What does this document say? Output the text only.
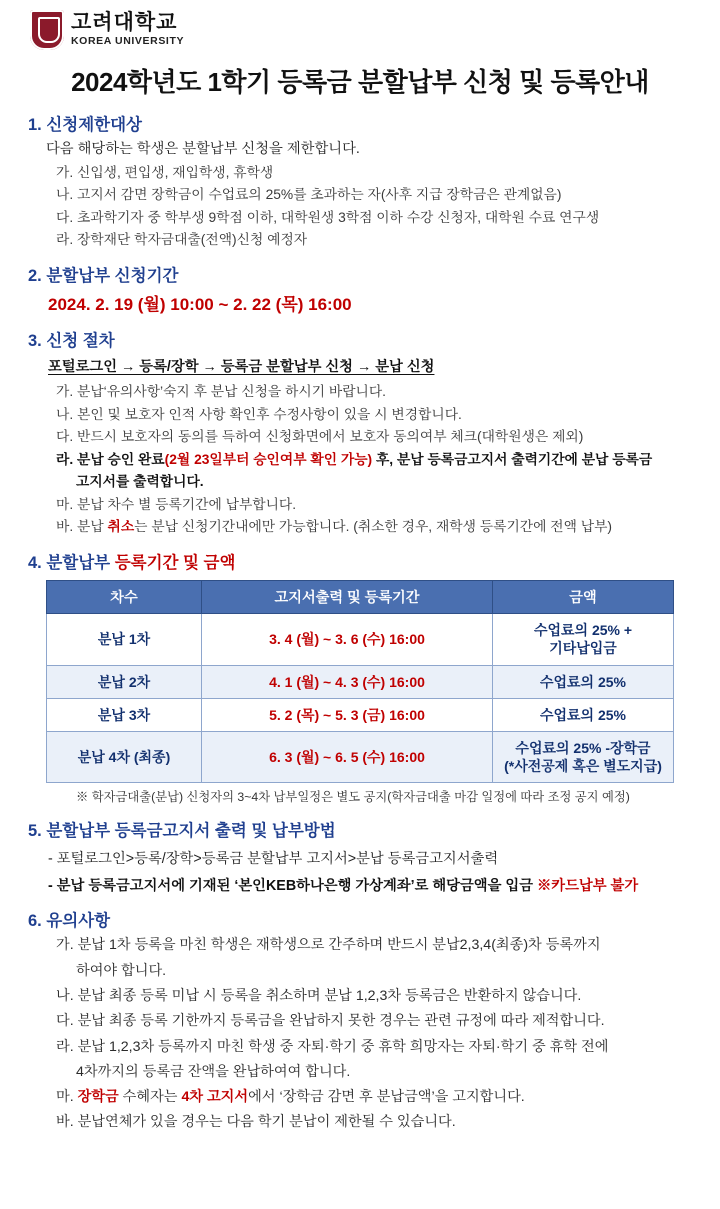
고려대학교
KOREA UNIVERSITY
2024학년도 1학기 등록금 분할납부 신청 및 등록안내
1. 신청제한대상
다음 해당하는 학생은 분할납부 신청을 제한합니다.
가. 신입생, 편입생, 재입학생, 휴학생
나. 고지서 감면 장학금이 수업료의 25%를 초과하는 자(사후 지급 장학금은 관계없음)
다. 초과학기자 중 학부생 9학점 이하, 대학원생 3학점 이하 수강 신청자, 대학원 수료 연구생
라. 장학재단 학자금대출(전액)신청 예정자
2. 분할납부 신청기간
2024. 2. 19 (월) 10:00 ~ 2. 22 (목) 16:00
3. 신청 절차
포털로그인 → 등록/장학 → 등록금 분할납부 신청 → 분납 신청
가. 분납‘유의사항’숙지 후 분납 신청을 하시기 바랍니다.
나. 본인 및 보호자 인적 사항 확인후 수정사항이 있을 시 변경합니다.
다. 반드시 보호자의 동의를 득하여 신청화면에서 보호자 동의여부 체크(대학원생은 제외)
라. 분납 승인 완료(2월 23일부터 승인여부 확인 가능) 후, 분납 등록금고지서 출력기간에 분납 등록금
고지서를 출력합니다.
마. 분납 차수 별 등록기간에 납부합니다.
바. 분납 취소는 분납 신청기간내에만 가능합니다. (취소한 경우, 재학생 등록기간에 전액 납부)
4. 분할납부 등록기간 및 금액
차수	고지서출력 및 등록기간	금액
분납 1차	3. 4 (월) ~ 3. 6 (수) 16:00	수업료의 25% +
기타납입금
분납 2차	4. 1 (월) ~ 4. 3 (수) 16:00	수업료의 25%
분납 3차	5. 2 (목) ~ 5. 3 (금) 16:00	수업료의 25%
분납 4차 (최종)	6. 3 (월) ~ 6. 5 (수) 16:00	수업료의 25% -장학금
(*사전공제 혹은 별도지급)
※ 학자금대출(분납) 신청자의 3~4차 납부일정은 별도 공지(학자금대출 마감 일정에 따라 조정 공지 예정)
5. 분할납부 등록금고지서 출력 및 납부방법
- 포털로그인>등록/장학>등록금 분할납부 고지서>분납 등록금고지서출력
- 분납 등록금고지서에 기재된 ‘본인KEB하나은행 가상계좌’로 해당금액을 입금 ※카드납부 불가
6. 유의사항
가. 분납 1차 등록을 마친 학생은 재학생으로 간주하며 반드시 분납2,3,4(최종)차 등록까지
하여야 합니다.
나. 분납 최종 등록 미납 시 등록을 취소하며 분납 1,2,3차 등록금은 반환하지 않습니다.
다. 분납 최종 등록 기한까지 등록금을 완납하지 못한 경우는 관련 규정에 따라 제적합니다.
라. 분납 1,2,3차 등록까지 마친 학생 중 자퇴·학기 중 휴학 희망자는 자퇴·학기 중 휴학 전에
4차까지의 등록금 잔액을 완납하여여 합니다.
마. 장학금 수혜자는 4차 고지서에서 ‘장학금 감면 후 분납금액’을 고지합니다.
바. 분납연체가 있을 경우는 다음 학기 분납이 제한될 수 있습니다.
